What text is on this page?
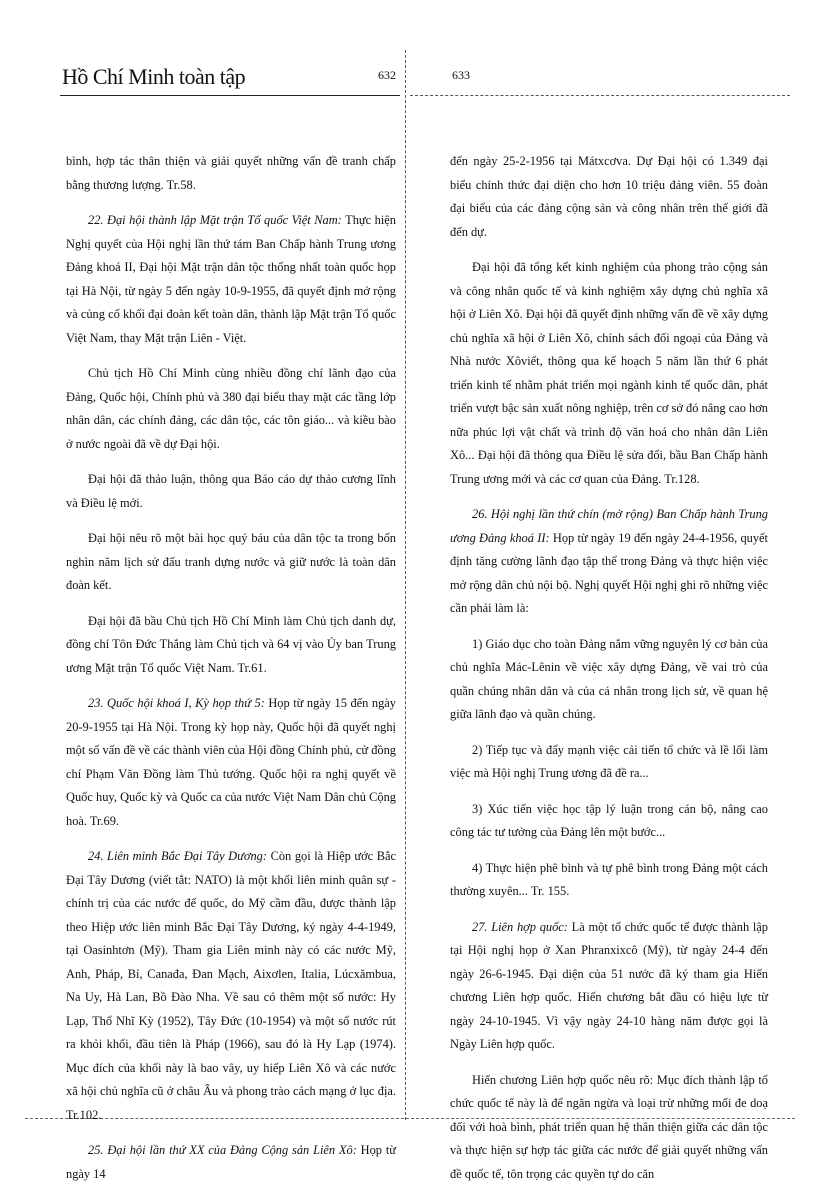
Hồ Chí Minh toàn tập	632	633

bình, hợp tác thân thiện và giải quyết những vấn đề tranh chấp bằng thương lượng. Tr.58.

22. Đại hội thành lập Mặt trận Tổ quốc Việt Nam: Thực hiện Nghị quyết của Hội nghị lần thứ tám Ban Chấp hành Trung ương Đảng khoá II, Đại hội Mặt trận dân tộc thống nhất toàn quốc họp tại Hà Nội, từ ngày 5 đến ngày 10-9-1955, đã quyết định mở rộng và củng cố khối đại đoàn kết toàn dân, thành lập Mặt trận Tổ quốc Việt Nam, thay Mặt trận Liên - Việt.

Chủ tịch Hồ Chí Minh cùng nhiều đồng chí lãnh đạo của Đảng, Quốc hội, Chính phủ và 380 đại biểu thay mặt các tầng lớp nhân dân, các chính đảng, các dân tộc, các tôn giáo... và kiều bào ở nước ngoài đã về dự Đại hội.

Đại hội đã thảo luận, thông qua Báo cáo dự thảo cương lĩnh và Điều lệ mới.

Đại hội nêu rõ một bài học quý báu của dân tộc ta trong bốn nghìn năm lịch sử đấu tranh dựng nước và giữ nước là toàn dân đoàn kết.

Đại hội đã bầu Chủ tịch Hồ Chí Minh làm Chủ tịch danh dự, đồng chí Tôn Đức Thắng làm Chủ tịch và 64 vị vào Ủy ban Trung ương Mặt trận Tổ quốc Việt Nam. Tr.61.

23. Quốc hội khoá I, Kỳ họp thứ 5: Họp từ ngày 15 đến ngày 20-9-1955 tại Hà Nội. Trong kỳ họp này, Quốc hội đã quyết nghị một số vấn đề về các thành viên của Hội đồng Chính phủ, cử đồng chí Phạm Văn Đồng làm Thủ tướng. Quốc hội ra nghị quyết về Quốc huy, Quốc kỳ và Quốc ca của nước Việt Nam Dân chủ Cộng hoà. Tr.69.

24. Liên minh Bắc Đại Tây Dương: Còn gọi là Hiệp ước Bắc Đại Tây Dương (viết tắt: NATO) là một khối liên minh quân sự - chính trị của các nước đế quốc, do Mỹ cầm đầu, được thành lập theo Hiệp ước liên minh Bắc Đại Tây Dương, ký ngày 4-4-1949, tại Oasinhtơn (Mỹ). Tham gia Liên minh này có các nước Mỹ, Anh, Pháp, Bỉ, Canađa, Đan Mạch, Aixơlen, Italia, Lúcxămbua, Na Uy, Hà Lan, Bồ Đào Nha. Về sau có thêm một số nước: Hy Lạp, Thổ Nhĩ Kỳ (1952), Tây Đức (10-1954) và một số nước rút ra khỏi khối, đầu tiên là Pháp (1966), sau đó là Hy Lạp (1974). Mục đích của khối này là bao vây, uy hiếp Liên Xô và các nước xã hội chủ nghĩa cũ ở châu Âu và phong trào cách mạng ở lục địa. Tr.102.

25. Đại hội lần thứ XX của Đảng Cộng sản Liên Xô: Họp từ ngày 14

đến ngày 25-2-1956 tại Mátxcơva. Dự Đại hội có 1.349 đại biểu chính thức đại diện cho hơn 10 triệu đảng viên. 55 đoàn đại biểu của các đảng cộng sản và công nhân trên thế giới đã đến dự.

Đại hội đã tổng kết kinh nghiệm của phong trào cộng sản và công nhân quốc tế và kinh nghiệm xây dựng chủ nghĩa xã hội ở Liên Xô. Đại hội đã quyết định những vấn đề về xây dựng chủ nghĩa xã hội ở Liên Xô, chính sách đối ngoại của Đảng và Nhà nước Xôviết, thông qua kế hoạch 5 năm lần thứ 6 phát triển kinh tế nhằm phát triển mọi ngành kinh tế quốc dân, phát triển vượt bậc sản xuất nông nghiệp, trên cơ sở đó nâng cao hơn nữa phúc lợi vật chất và trình độ văn hoá cho nhân dân Liên Xô... Đại hội đã thông qua Điều lệ sửa đổi, bầu Ban Chấp hành Trung ương mới và các cơ quan của Đảng. Tr.128.

26. Hội nghị lần thứ chín (mở rộng) Ban Chấp hành Trung ương Đảng khoá II: Họp từ ngày 19 đến ngày 24-4-1956, quyết định tăng cường lãnh đạo tập thể trong Đảng và thực hiện việc mở rộng dân chủ nội bộ. Nghị quyết Hội nghị ghi rõ những việc cần phải làm là:

1) Giáo dục cho toàn Đảng nắm vững nguyên lý cơ bản của chủ nghĩa Mác-Lênin về việc xây dựng Đảng, về vai trò của quần chúng nhân dân và của cá nhân trong lịch sử, về quan hệ giữa lãnh đạo và quần chúng.

2) Tiếp tục và đẩy mạnh việc cải tiến tổ chức và lề lối làm việc mà Hội nghị Trung ương đã đề ra...

3) Xúc tiến việc học tập lý luận trong cán bộ, nâng cao công tác tư tưởng của Đảng lên một bước...

4) Thực hiện phê bình và tự phê bình trong Đảng một cách thường xuyên... Tr. 155.

27. Liên hợp quốc: Là một tổ chức quốc tế được thành lập tại Hội nghị họp ở Xan Phranxixcô (Mỹ), từ ngày 24-4 đến ngày 26-6-1945. Đại diện của 51 nước đã ký tham gia Hiến chương Liên hợp quốc. Hiến chương bắt đầu có hiệu lực từ ngày 24-10-1945. Vì vậy ngày 24-10 hàng năm được gọi là Ngày Liên hợp quốc.

Hiến chương Liên hợp quốc nêu rõ: Mục đích thành lập tổ chức quốc tế này là để ngăn ngừa và loại trừ những mối đe doạ đối với hoà bình, phát triển quan hệ thân thiện giữa các dân tộc và thực hiện sự hợp tác giữa các nước để giải quyết những vấn đề quốc tế, tôn trọng các quyền tự do căn
